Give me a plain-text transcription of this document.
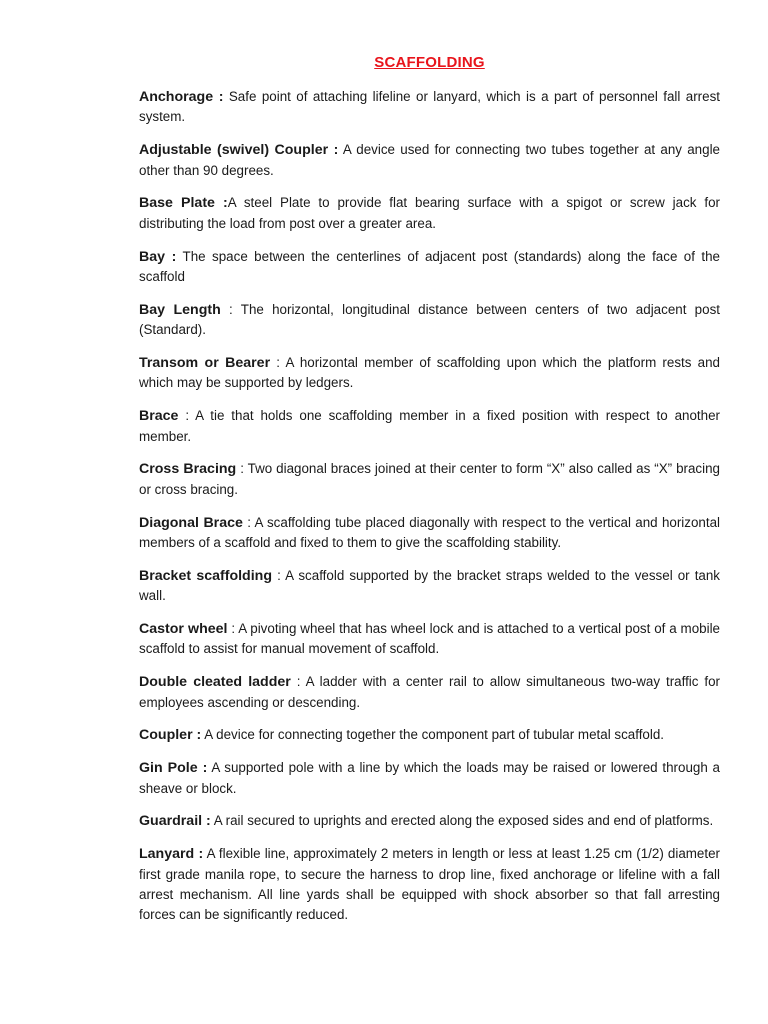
SCAFFOLDING

Anchorage : Safe point of attaching lifeline or lanyard, which is a part of personnel fall arrest system.

Adjustable (swivel) Coupler : A device used for connecting two tubes together at any angle other than 90 degrees.

Base Plate :A steel Plate to provide flat bearing surface with a spigot or screw jack for distributing the load from post over a greater area.

Bay : The space between the centerlines of adjacent post (standards) along the face of the scaffold

Bay Length : The horizontal, longitudinal distance between centers of two adjacent post (Standard).

Transom or Bearer : A horizontal member of scaffolding upon which the platform rests and which may be supported by ledgers.

Brace : A tie that holds one scaffolding member in a fixed position with respect to another member.

Cross Bracing : Two diagonal braces joined at their center to form “X” also called as “X” bracing or cross bracing.

Diagonal Brace : A scaffolding tube placed diagonally with respect to the vertical and horizontal members of a scaffold and fixed to them to give the scaffolding stability.

Bracket scaffolding : A scaffold supported by the bracket straps welded to the vessel or tank wall.

Castor wheel : A pivoting wheel that has wheel lock and is attached to a vertical post of a mobile scaffold to assist for manual movement of scaffold.

Double cleated ladder : A ladder with a center rail to allow simultaneous two-way traffic for employees ascending or descending.

Coupler : A device for connecting together the component part of tubular metal scaffold.

Gin Pole : A supported pole with a line by which the loads may be raised or lowered through a sheave or block.

Guardrail : A rail secured to uprights and erected along the exposed sides and end of platforms.

Lanyard : A flexible line, approximately 2 meters in length or less at least 1.25 cm (1/2) diameter first grade manila rope, to secure the harness to drop line, fixed anchorage or lifeline with a fall arrest mechanism. All line yards shall be equipped with shock absorber so that fall arresting forces can be significantly reduced.
